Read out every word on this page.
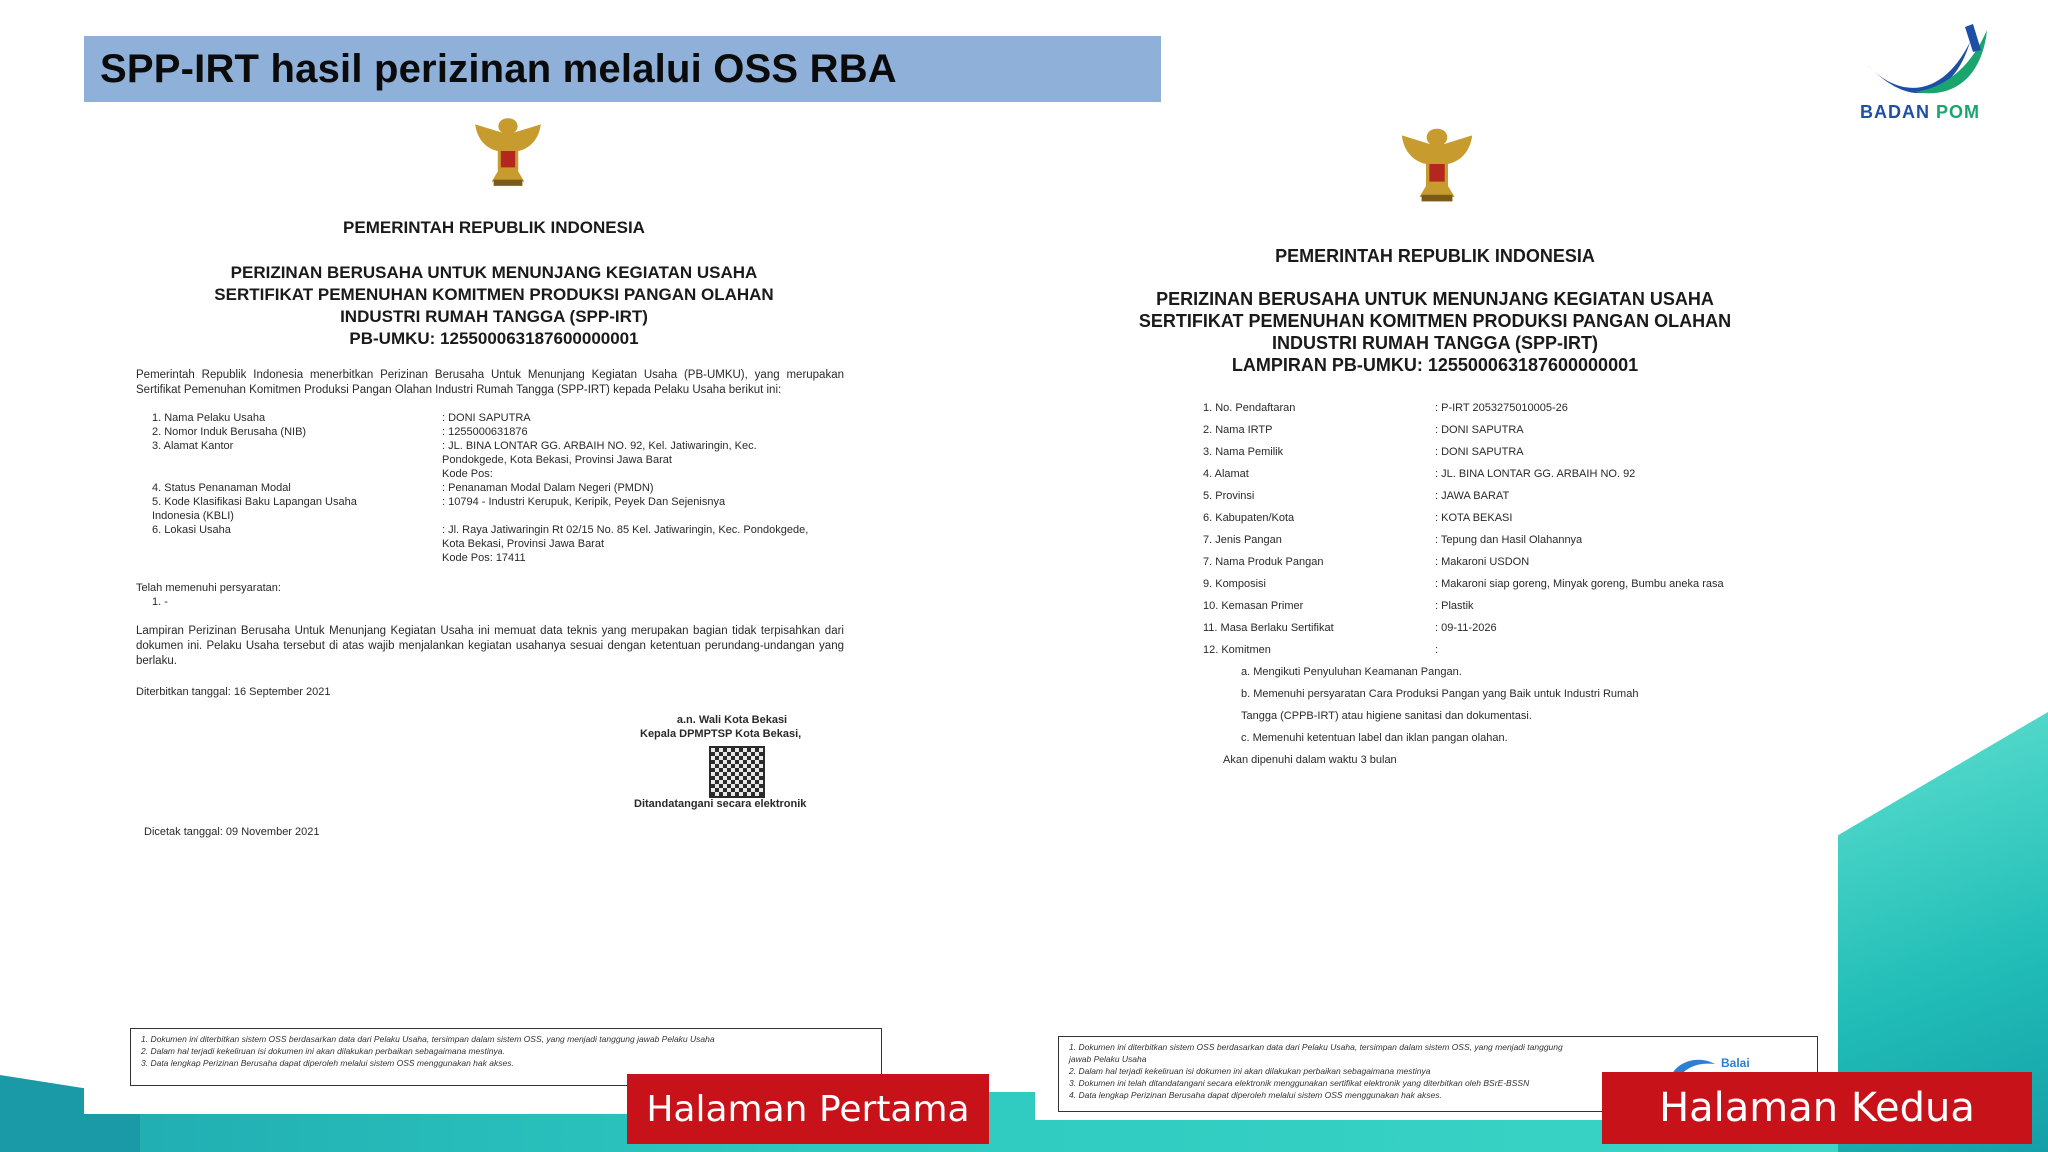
SPP-IRT hasil perizinan melalui OSS RBA
BADAN POM
PEMERINTAH REPUBLIK INDONESIA
PERIZINAN BERUSAHA UNTUK MENUNJANG KEGIATAN USAHA
SERTIFIKAT PEMENUHAN KOMITMEN PRODUKSI PANGAN OLAHAN
INDUSTRI RUMAH TANGGA (SPP-IRT)
PB-UMKU: 125500063187600000001
Pemerintah Republik Indonesia menerbitkan Perizinan Berusaha Untuk Menunjang Kegiatan Usaha (PB-UMKU), yang merupakan Sertifikat Pemenuhan Komitmen Produksi Pangan Olahan Industri Rumah Tangga (SPP-IRT) kepada Pelaku Usaha berikut ini:
1. Nama Pelaku Usaha	: DONI SAPUTRA
2. Nomor Induk Berusaha (NIB)	: 1255000631876
3. Alamat Kantor	: JL. BINA LONTAR GG. ARBAIH NO. 92, Kel. Jatiwaringin, Kec.
Pondokgede, Kota Bekasi, Provinsi Jawa Barat
Kode Pos:
4. Status Penanaman Modal	: Penanaman Modal Dalam Negeri (PMDN)
5. Kode Klasifikasi Baku Lapangan Usaha	: 10794 - Industri Kerupuk, Keripik, Peyek Dan Sejenisnya
Indonesia (KBLI)
6. Lokasi Usaha	: Jl. Raya Jatiwaringin Rt 02/15 No. 85 Kel. Jatiwaringin, Kec. Pondokgede,
Kota Bekasi, Provinsi Jawa Barat
Kode Pos: 17411
Telah memenuhi persyaratan:
1. -
Lampiran Perizinan Berusaha Untuk Menunjang Kegiatan Usaha ini memuat data teknis yang merupakan bagian tidak terpisahkan dari dokumen ini. Pelaku Usaha tersebut di atas wajib menjalankan kegiatan usahanya sesuai dengan ketentuan perundang-undangan yang berlaku.
Diterbitkan tanggal: 16 September 2021
a.n. Wali Kota Bekasi
Kepala DPMPTSP Kota Bekasi,
Ditandatangani secara elektronik
Dicetak tanggal: 09 November 2021
1. Dokumen ini diterbitkan sistem OSS berdasarkan data dari Pelaku Usaha, tersimpan dalam sistem OSS, yang menjadi tanggung jawab Pelaku Usaha
2. Dalam hal terjadi kekeliruan isi dokumen ini akan dilakukan perbaikan sebagaimana mestinya.
3. Data lengkap Perizinan Berusaha dapat diperoleh melalui sistem OSS menggunakan hak akses.
PEMERINTAH REPUBLIK INDONESIA
PERIZINAN BERUSAHA UNTUK MENUNJANG KEGIATAN USAHA
SERTIFIKAT PEMENUHAN KOMITMEN PRODUKSI PANGAN OLAHAN
INDUSTRI RUMAH TANGGA (SPP-IRT)
LAMPIRAN PB-UMKU: 125500063187600000001
1. No. Pendaftaran	: P-IRT 2053275010005-26
2. Nama IRTP	: DONI SAPUTRA
3. Nama Pemilik	: DONI SAPUTRA
4. Alamat	: JL. BINA LONTAR GG. ARBAIH NO. 92
5. Provinsi	: JAWA BARAT
6. Kabupaten/Kota	: KOTA BEKASI
7. Jenis Pangan	: Tepung dan Hasil Olahannya
7. Nama Produk Pangan	: Makaroni USDON
9. Komposisi	: Makaroni siap goreng, Minyak goreng, Bumbu aneka rasa
10. Kemasan Primer	: Plastik
11. Masa Berlaku Sertifikat	: 09-11-2026
12. Komitmen	:
a. Mengikuti Penyuluhan Keamanan Pangan.
b. Memenuhi persyaratan Cara Produksi Pangan yang Baik untuk Industri Rumah
Tangga (CPPB-IRT) atau higiene sanitasi dan dokumentasi.
c. Memenuhi ketentuan label dan iklan pangan olahan.
Akan dipenuhi dalam waktu 3 bulan
1. Dokumen ini diterbitkan sistem OSS berdasarkan data dari Pelaku Usaha, tersimpan dalam sistem OSS, yang menjadi tanggung
jawab Pelaku Usaha
2. Dalam hal terjadi kekeliruan isi dokumen ini akan dilakukan perbaikan sebagaimana mestinya
3. Dokumen ini telah ditandatangani secara elektronik menggunakan sertifikat elektronik yang diterbitkan oleh BSrE-BSSN
4. Data lengkap Perizinan Berusaha dapat diperoleh melalui sistem OSS menggunakan hak akses.
Balai
Halaman Pertama	Halaman Kedua
